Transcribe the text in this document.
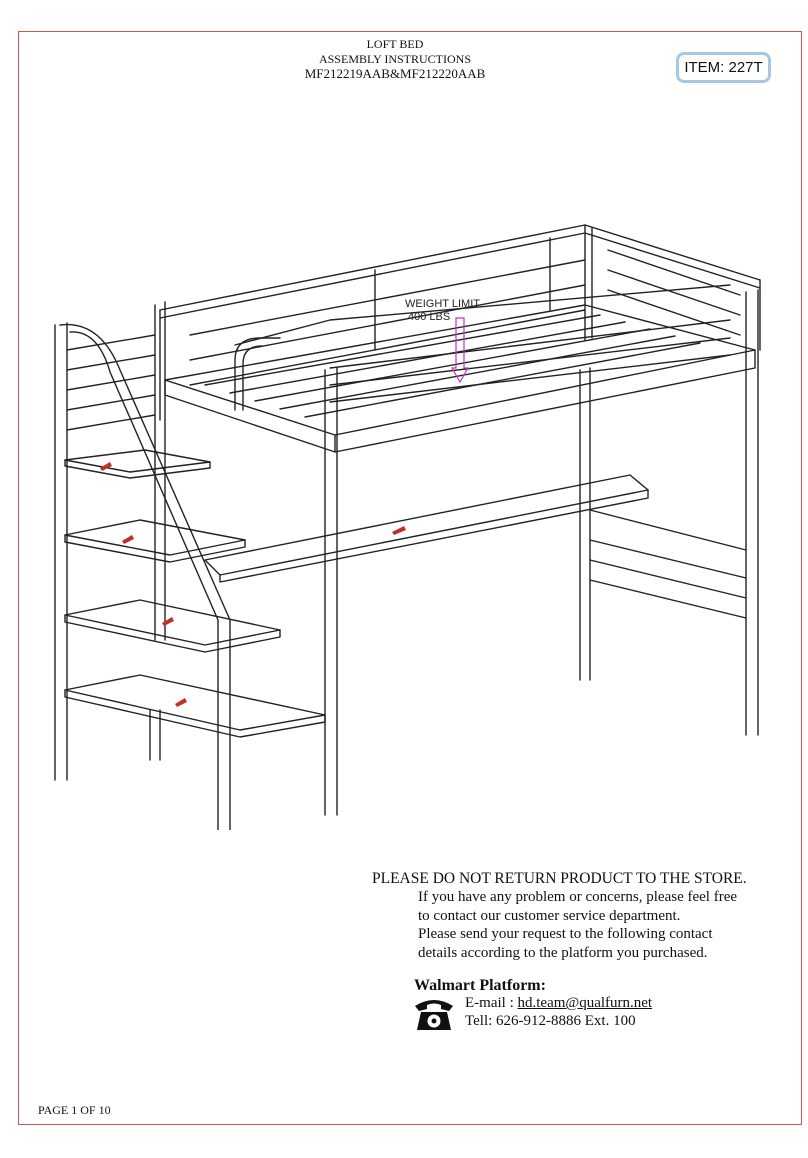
LOFT BED
ASSEMBLY INSTRUCTIONS
MF212219AAB&MF212220AAB	ITEM: 227T
WEIGHT LIMIT
400 LBS
PLEASE DO NOT RETURN PRODUCT TO THE STORE.
If you have any problem or concerns, please feel free
to contact our customer service department.
Please send your request to the following contact
details according to the platform you purchased.
Walmart Platform:
E-mail : hd.team@qualfurn.net
Tell: 626-912-8886 Ext. 100
PAGE 1 OF 10
